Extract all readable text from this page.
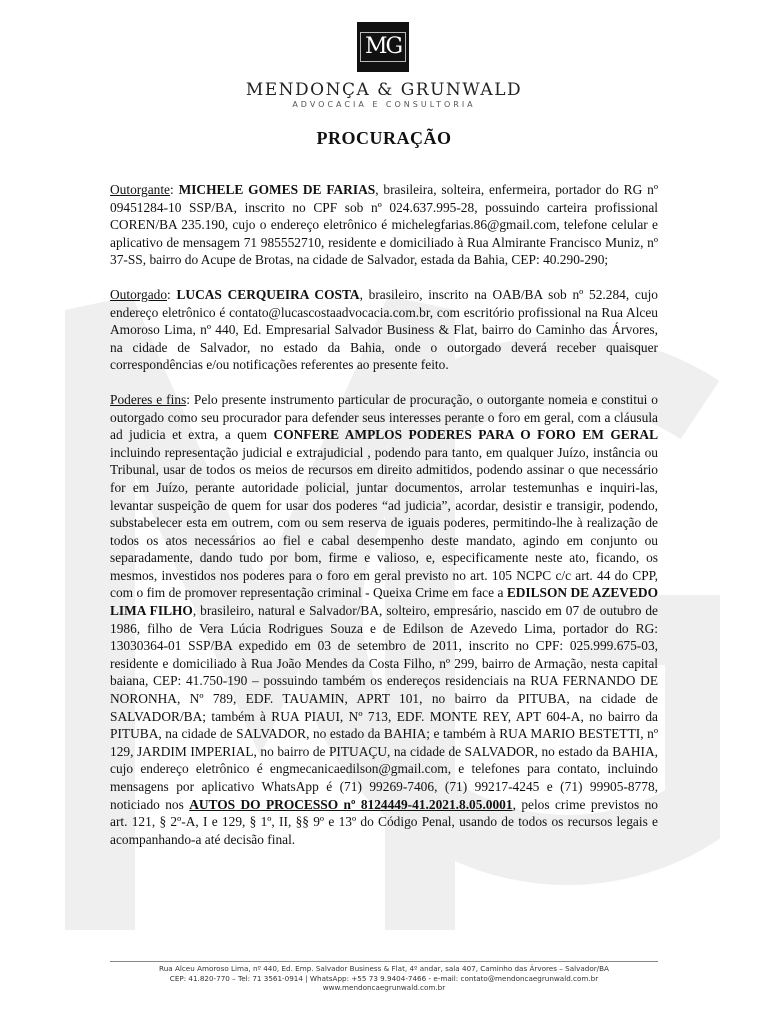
MG
MENDONÇA & GRUNWALD
ADVOCACIA E CONSULTORIA
PROCURAÇÃO

Outorgante: MICHELE GOMES DE FARIAS, brasileira, solteira, enfermeira, portador do RG nº 09451284-10 SSP/BA, inscrito no CPF sob nº 024.637.995-28, possuindo carteira profissional COREN/BA 235.190, cujo o endereço eletrônico é michelegfarias.86@gmail.com, telefone celular e aplicativo de mensagem 71 985552710, residente e domiciliado à Rua Almirante Francisco Muniz, nº 37-SS, bairro do Acupe de Brotas, na cidade de Salvador, estada da Bahia, CEP: 40.290-290;

Outorgado: LUCAS CERQUEIRA COSTA, brasileiro, inscrito na OAB/BA sob nº 52.284, cujo endereço eletrônico é contato@lucascostaadvocacia.com.br, com escritório profissional na Rua Alceu Amoroso Lima, nº 440, Ed. Empresarial Salvador Business & Flat, bairro do Caminho das Árvores, na cidade de Salvador, no estado da Bahia, onde o outorgado deverá receber quaisquer correspondências e/ou notificações referentes ao presente feito.

Poderes e fins: Pelo presente instrumento particular de procuração, o outorgante nomeia e constitui o outorgado como seu procurador para defender seus interesses perante o foro em geral, com a cláusula ad judicia et extra, a quem CONFERE AMPLOS PODERES PARA O FORO EM GERAL incluindo representação judicial e extrajudicial , podendo para tanto, em qualquer Juízo, instância ou Tribunal, usar de todos os meios de recursos em direito admitidos, podendo assinar o que necessário for em Juízo, perante autoridade policial, juntar documentos, arrolar testemunhas e inquiri-las, levantar suspeição de quem for usar dos poderes “ad judicia”, acordar, desistir e transigir, podendo, substabelecer esta em outrem, com ou sem reserva de iguais poderes, permitindo-lhe à realização de todos os atos necessários ao fiel e cabal desempenho deste mandato, agindo em conjunto ou separadamente, dando tudo por bom, firme e valioso, e, especificamente neste ato, ficando, os mesmos, investidos nos poderes para o foro em geral previsto no art. 105 NCPC c/c art. 44 do CPP, com o fim de promover representação criminal - Queixa Crime em face a EDILSON DE AZEVEDO LIMA FILHO, brasileiro, natural e Salvador/BA, solteiro, empresário, nascido em 07 de outubro de 1986, filho de Vera Lúcia Rodrigues Souza e de Edilson de Azevedo Lima, portador do RG: 13030364-01 SSP/BA expedido em 03 de setembro de 2011, inscrito no CPF: 025.999.675-03, residente e domiciliado à Rua João Mendes da Costa Filho, nº 299, bairro de Armação, nesta capital baiana, CEP: 41.750-190 – possuindo também os endereços residenciais na RUA FERNANDO DE NORONHA, Nº 789, EDF. TAUAMIN, APRT 101, no bairro da PITUBA, na cidade de SALVADOR/BA; também à RUA PIAUI, Nº 713, EDF. MONTE REY, APT 604-A, no bairro da PITUBA, na cidade de SALVADOR, no estado da BAHIA; e também à RUA MARIO BESTETTI, nº 129, JARDIM IMPERIAL, no bairro de PITUAÇU, na cidade de SALVADOR, no estado da BAHIA, cujo endereço eletrônico é engmecanicaedilson@gmail.com, e telefones para contato, incluindo mensagens por aplicativo WhatsApp é (71) 99269-7406, (71) 99217-4245 e (71) 99905-8778, noticiado nos AUTOS DO PROCESSO nº 8124449-41.2021.8.05.0001, pelos crime previstos no art. 121, § 2º-A, I e 129, § 1º, II, §§ 9º e 13º do Código Penal, usando de todos os recursos legais e acompanhando-a até decisão final.

Rua Alceu Amoroso Lima, nº 440, Ed. Emp. Salvador Business & Flat, 4º andar, sala 407, Caminho das Árvores – Salvador/BA
CEP: 41.820-770 – Tel: 71 3561-0914 | WhatsApp: +55 73 9.9404-7466 - e-mail: contato@mendoncaegrunwald.com.br
www.mendoncaegrunwald.com.br
